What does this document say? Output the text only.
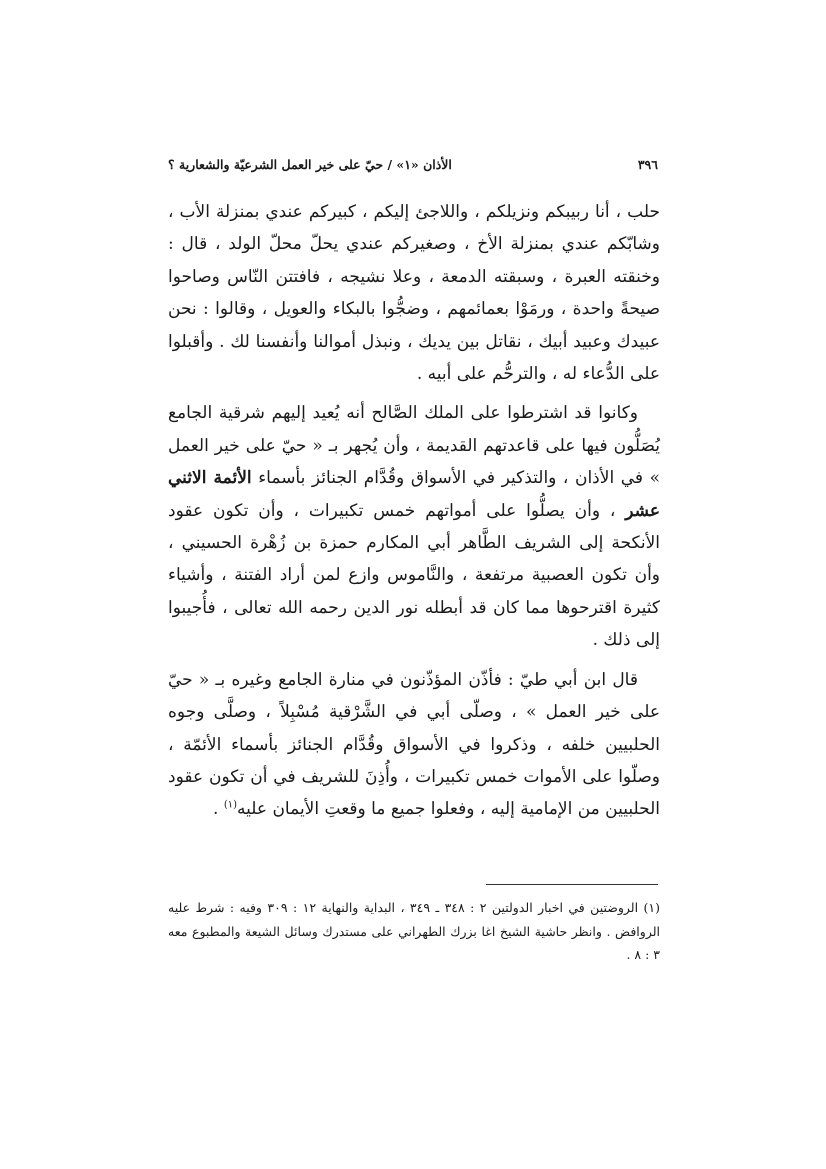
٣٩٦
الأذان «١» / حيّ على خير العمل الشرعيّة والشعارية ؟

حلب ، أنا ربيبكم ونزيلكم ، واللاجئ إليكم ، كبيركم عندي بمنزلة الأب ، وشابّكم عندي بمنزلة الأخ ، وصغيركم عندي يحلّ محلّ الولد ، قال : وخنقته العبرة ، وسبقته الدمعة ، وعلا نشيجه ، فافتتن النّاس وصاحوا صيحةً واحدة ، ورمَوْا بعمائمهم ، وضجُّوا بالبكاء والعويل ، وقالوا : نحن عبيدك وعبيد أبيك ، نقاتل بين يديك ، ونبذل أموالنا وأنفسنا لك . وأقبلوا على الدُّعاء له ، والترحُّم على أبيه .

وكانوا قد اشترطوا على الملك الصَّالح أنه يُعيد إليهم شرقية الجامع يُصَلُّون فيها على قاعدتهم القديمة ، وأن يُجهر بـ « حيّ على خير العمل » في الأذان ، والتذكير في الأسواق وقُدَّام الجنائز بأسماء الأئمة الاثني عشر ، وأن يصلُّوا على أمواتهم خمس تكبيرات ، وأن تكون عقود الأنكحة إلى الشريف الطَّاهر أبي المكارم حمزة بن زُهْرة الحسيني ، وأن تكون العصبية مرتفعة ، والنَّاموس وازع لمن أراد الفتنة ، وأشياء كثيرة اقترحوها مما كان قد أبطله نور الدين رحمه الله تعالى ، فأُجيبوا إلى ذلك .

قال ابن أبي طيّ : فأذّن المؤذّنون في منارة الجامع وغيره بـ « حيّ على خير العمل » ، وصلّى أبي في الشَّرْقية مُسْبِلاً ، وصلَّى وجوه الحلبيين خلفه ، وذكروا في الأسواق وقُدَّام الجنائز بأسماء الأئمّة ، وصلّوا على الأموات خمس تكبيرات ، وأُذِنَ للشريف في أن تكون عقود الحلبيين من الإمامية إليه ، وفعلوا جميع ما وقعتِ الأيمان عليه$^{(١)}$ .

(١) الروضتين في اخبار الدولتين ٢ : ٣٤٨ ـ ٣٤٩ ، البداية والنهاية ١٢ : ٣٠٩ وفيه : شرط عليه الروافض . وانظر حاشية الشيخ اغا بزرك الطهراني على مستدرك وسائل الشيعة والمطبوع معه ٣ : ٨ .
